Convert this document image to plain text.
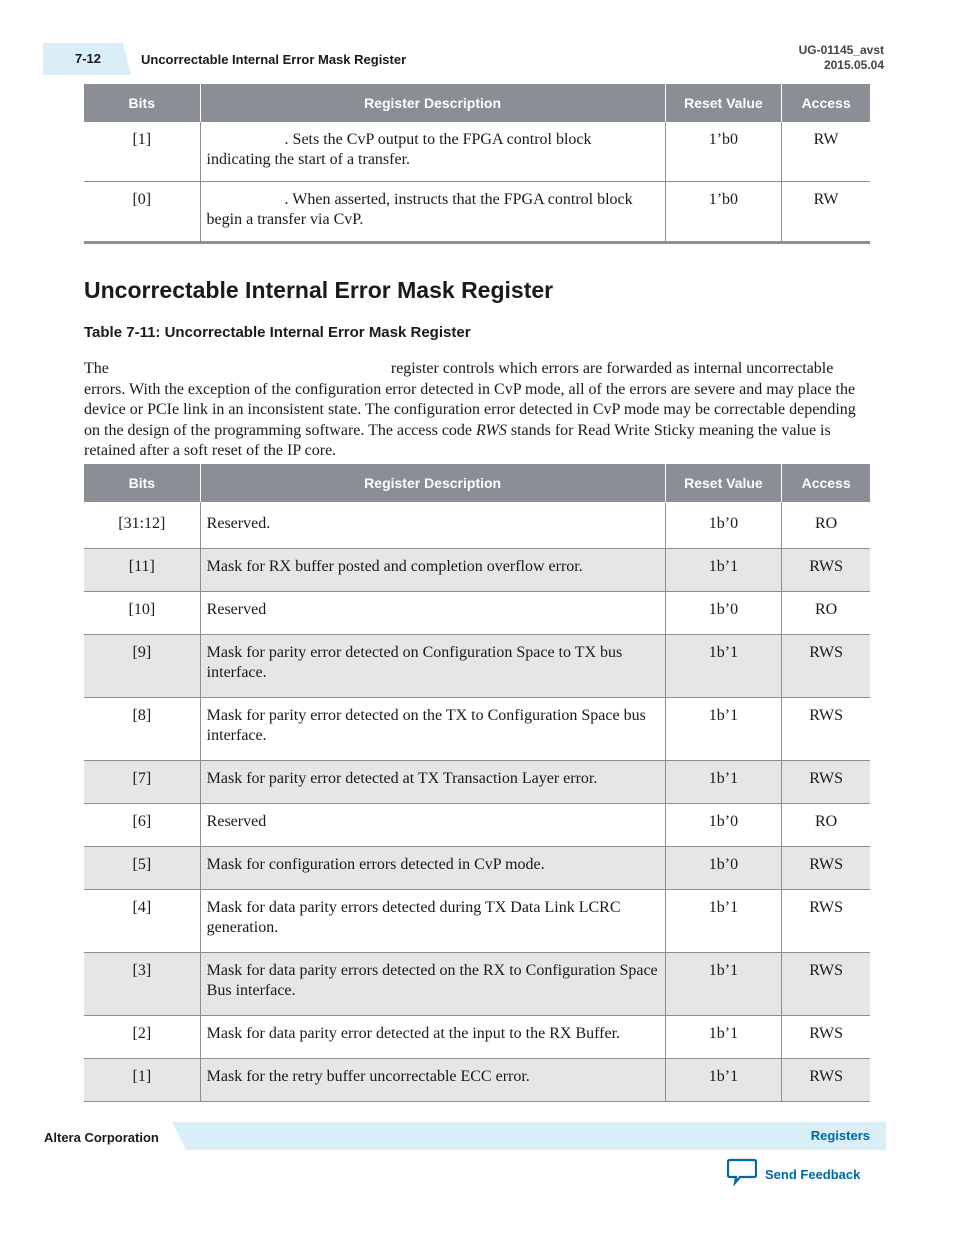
7-12	Uncorrectable Internal Error Mask Register
UG-01145_avst
2015.05.04
Bits	Register Description	Reset Value	Access
[1]	. Sets the CvP output to the FPGA control block indicating the start of a transfer.	1’b0	RW
[0]	. When asserted, instructs that the FPGA control block begin a transfer via CvP.	1’b0	RW
Uncorrectable Internal Error Mask Register
Table 7-11: Uncorrectable Internal Error Mask Register
The	register controls which errors are forwarded as internal uncorrectable errors. With the exception of the configuration error detected in CvP mode, all of the errors are severe and may place the device or PCIe link in an inconsistent state. The configuration error detected in CvP mode may be correctable depending on the design of the programming software. The access code RWS stands for Read Write Sticky meaning the value is retained after a soft reset of the IP core.
Bits	Register Description	Reset Value	Access
[31:12]	Reserved.	1b’0	RO
[11]	Mask for RX buffer posted and completion overflow error.	1b’1	RWS
[10]	Reserved	1b’0	RO
[9]	Mask for parity error detected on Configuration Space to TX bus interface.	1b’1	RWS
[8]	Mask for parity error detected on the TX to Configuration Space bus interface.	1b’1	RWS
[7]	Mask for parity error detected at TX Transaction Layer error.	1b’1	RWS
[6]	Reserved	1b’0	RO
[5]	Mask for configuration errors detected in CvP mode.	1b’0	RWS
[4]	Mask for data parity errors detected during TX Data Link LCRC generation.	1b’1	RWS
[3]	Mask for data parity errors detected on the RX to Configuration Space Bus interface.	1b’1	RWS
[2]	Mask for data parity error detected at the input to the RX Buffer.	1b’1	RWS
[1]	Mask for the retry buffer uncorrectable ECC error.	1b’1	RWS
Altera Corporation	Registers
Send Feedback
